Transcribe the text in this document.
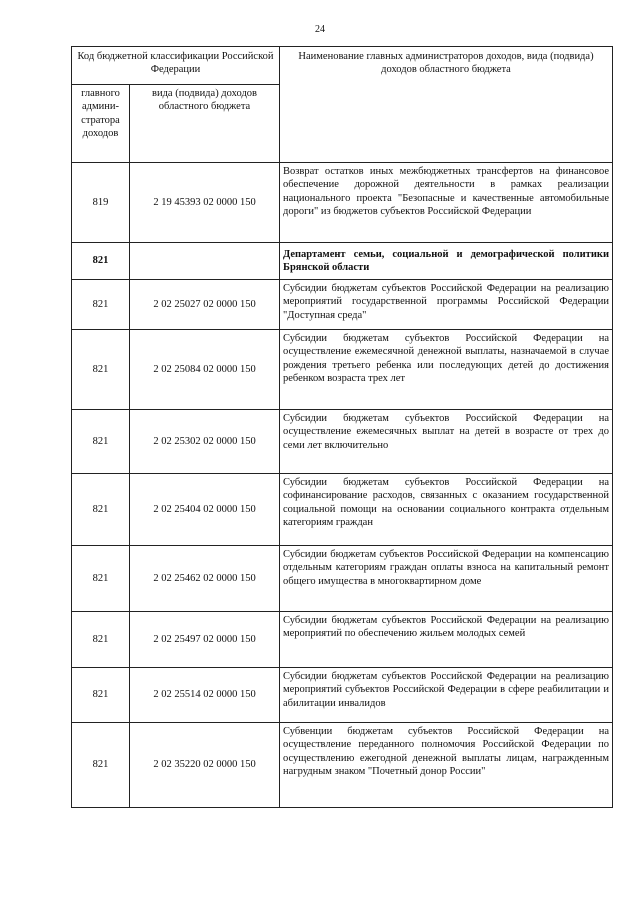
24
Код бюджетной классификации Российской Федерации		Наименование главных администраторов доходов, вида (подвида) доходов областного бюджета
главного админи-стратора доходов	вида (подвида) доходов областного бюджета	
819	2 19 45393 02 0000 150	Возврат остатков иных межбюджетных трансфертов на финансовое обеспечение дорожной деятельности в рамках реализации национального проекта "Безопасные и качественные автомобильные дороги" из бюджетов субъектов Российской Федерации
821		Департамент семьи, социальной и демографической политики Брянской области
821	2 02 25027 02 0000 150	Субсидии бюджетам субъектов Российской Федерации на реализацию мероприятий государственной программы Российской Федерации "Доступная среда"
821	2 02 25084 02 0000 150	Субсидии бюджетам субъектов Российской Федерации на осуществление ежемесячной денежной выплаты, назначаемой в случае рождения третьего ребенка или последующих детей до достижения ребенком возраста трех лет
821	2 02 25302 02 0000 150	Субсидии бюджетам субъектов Российской Федерации на осуществление ежемесячных выплат на детей в возрасте от трех до семи лет включительно
821	2 02 25404 02 0000 150	Субсидии бюджетам субъектов Российской Федерации на софинансирование расходов, связанных с оказанием государственной социальной помощи на основании социального контракта отдельным категориям граждан
821	2 02 25462 02 0000 150	Субсидии бюджетам субъектов Российской Федерации на компенсацию отдельным категориям граждан оплаты взноса на капитальный ремонт общего имущества в многоквартирном доме
821	2 02 25497 02 0000 150	Субсидии бюджетам субъектов Российской Федерации на реализацию мероприятий по обеспечению жильем молодых семей
821	2 02 25514 02 0000 150	Субсидии бюджетам субъектов Российской Федерации на реализацию мероприятий субъектов Российской Федерации в сфере реабилитации и абилитации инвалидов
821	2 02 35220 02 0000 150	Субвенции бюджетам субъектов Российской Федерации на осуществление переданного полномочия Российской Федерации по осуществлению ежегодной денежной выплаты лицам, награжденным нагрудным знаком "Почетный донор России"
